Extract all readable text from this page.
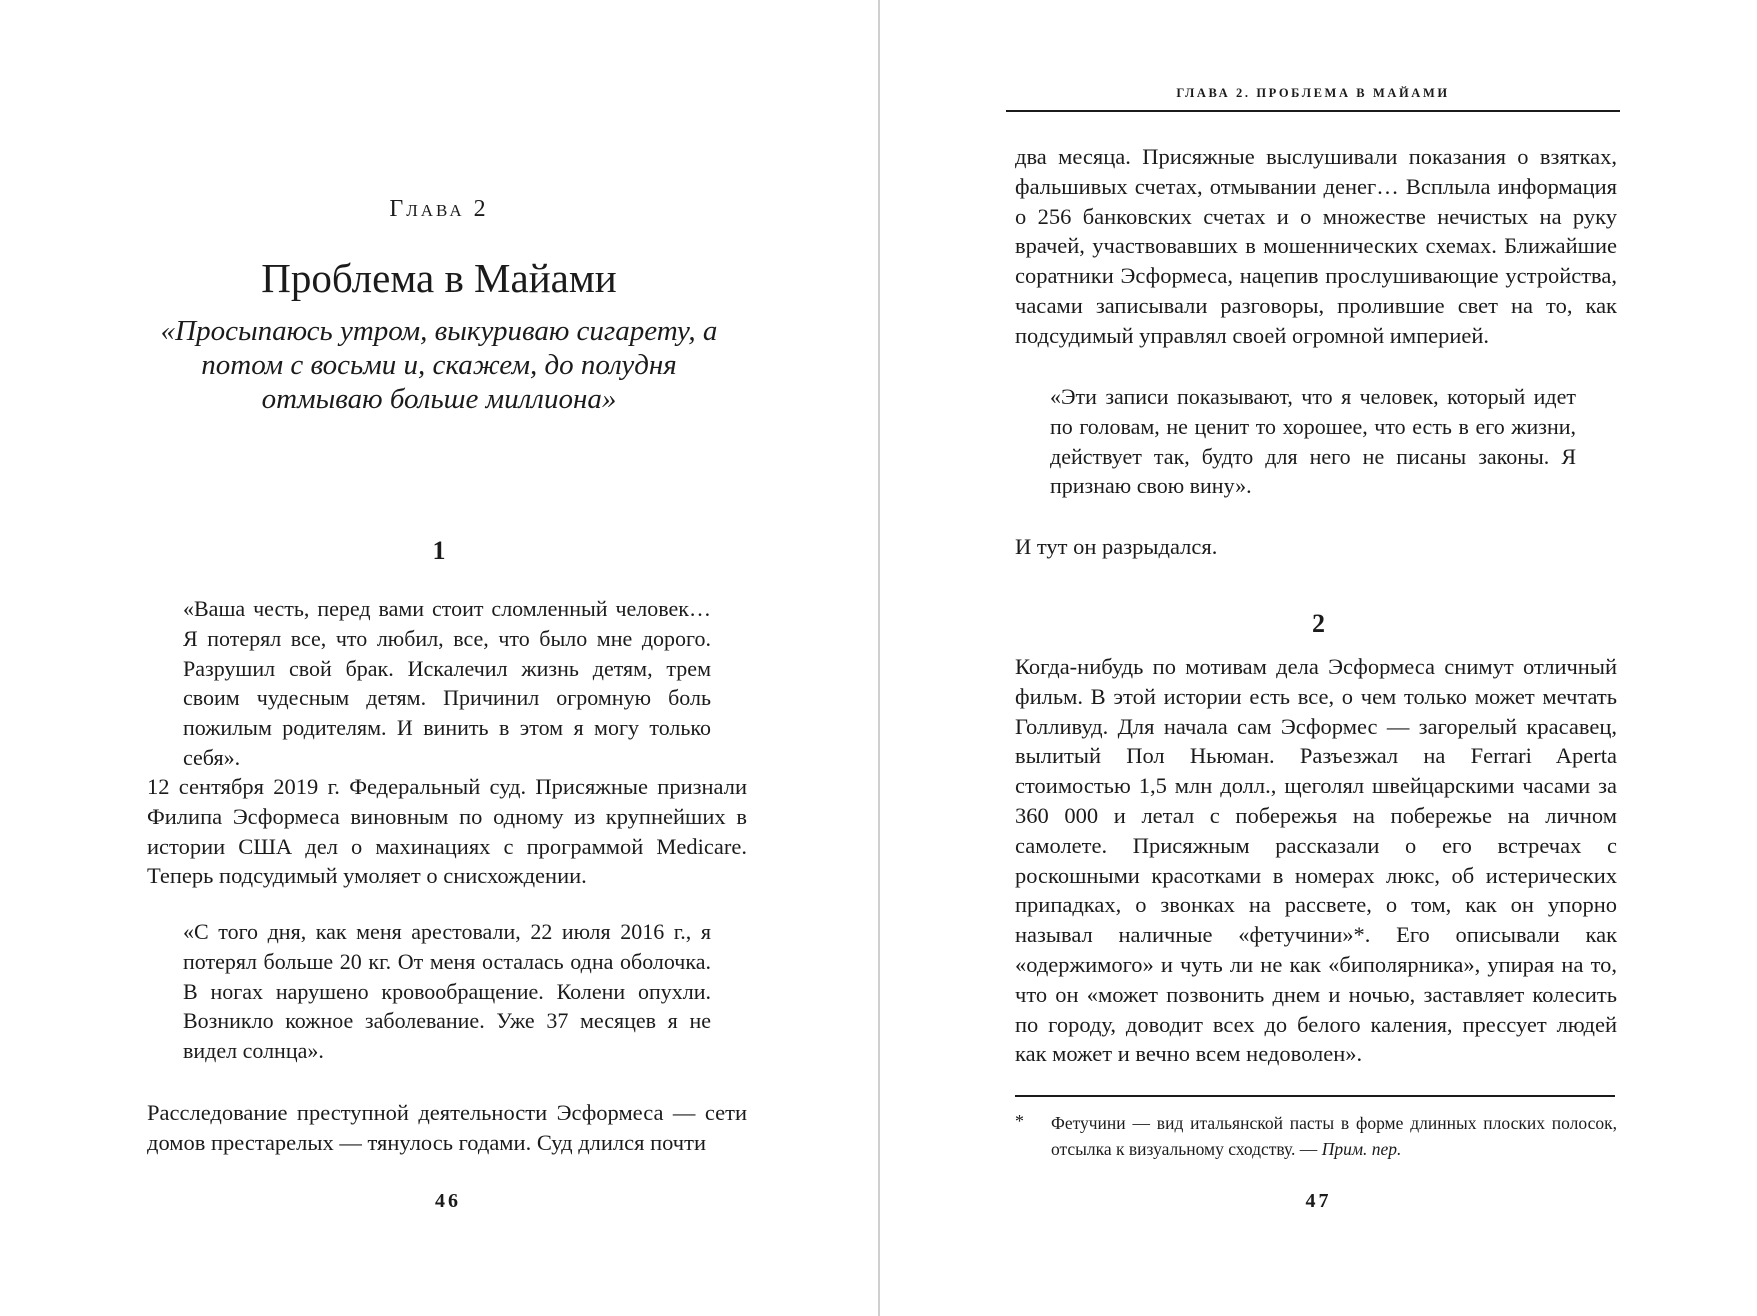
Глава 2
Проблема в Майами
«Просыпаюсь утром, выкуриваю сигарету, а потом с восьми и, скажем, до полудня отмываю больше миллиона»
1

«Ваша честь, перед вами стоит сломленный человек… Я потерял все, что любил, все, что было мне дорого. Разрушил свой брак. Искалечил жизнь детям, трем своим чудесным детям. Причинил огромную боль пожилым родителям. И винить в этом я могу только себя».

12 сентября 2019 г. Федеральный суд. Присяжные признали Филипа Эсформеса виновным по одному из крупнейших в истории США дел о махинациях с программой Medicare. Теперь подсудимый умоляет о снисхождении.

«С того дня, как меня арестовали, 22 июля 2016 г., я потерял больше 20 кг. От меня осталась одна оболочка. В ногах нарушено кровообращение. Колени опухли. Возникло кожное заболевание. Уже 37 месяцев я не видел солнца».

Расследование преступной деятельности Эсформеса — сети домов престарелых — тянулось годами. Суд длился почти

46
ГЛАВА 2. ПРОБЛЕМА В МАЙАМИ

два месяца. Присяжные выслушивали показания о взятках, фальшивых счетах, отмывании денег… Всплыла информация о 256 банковских счетах и о множестве нечистых на руку врачей, участвовавших в мошеннических схемах. Ближайшие соратники Эсформеса, нацепив прослушивающие устройства, часами записывали разговоры, пролившие свет на то, как подсудимый управлял своей огромной империей.

«Эти записи показывают, что я человек, который идет по головам, не ценит то хорошее, что есть в его жизни, действует так, будто для него не писаны законы. Я признаю свою вину».

И тут он разрыдался.

2

Когда-нибудь по мотивам дела Эсформеса снимут отличный фильм. В этой истории есть все, о чем только может мечтать Голливуд. Для начала сам Эсформес — загорелый красавец, вылитый Пол Ньюман. Разъезжал на Ferrari Aperta стоимостью 1,5 млн долл., щеголял швейцарскими часами за 360 000 и летал с побережья на побережье на личном самолете. Присяжным рассказали о его встречах с роскошными красотками в номерах люкс, об истерических припадках, о звонках на рассвете, о том, как он упорно называл наличные «фетучини»*. Его описывали как «одержимого» и чуть ли не как «биполярника», упирая на то, что он «может позвонить днем и ночью, заставляет колесить по городу, доводит всех до белого каления, прессует людей как может и вечно всем недоволен».

* Фетучини — вид итальянской пасты в форме длинных плоских полосок, отсылка к визуальному сходству. — Прим. пер.

47
